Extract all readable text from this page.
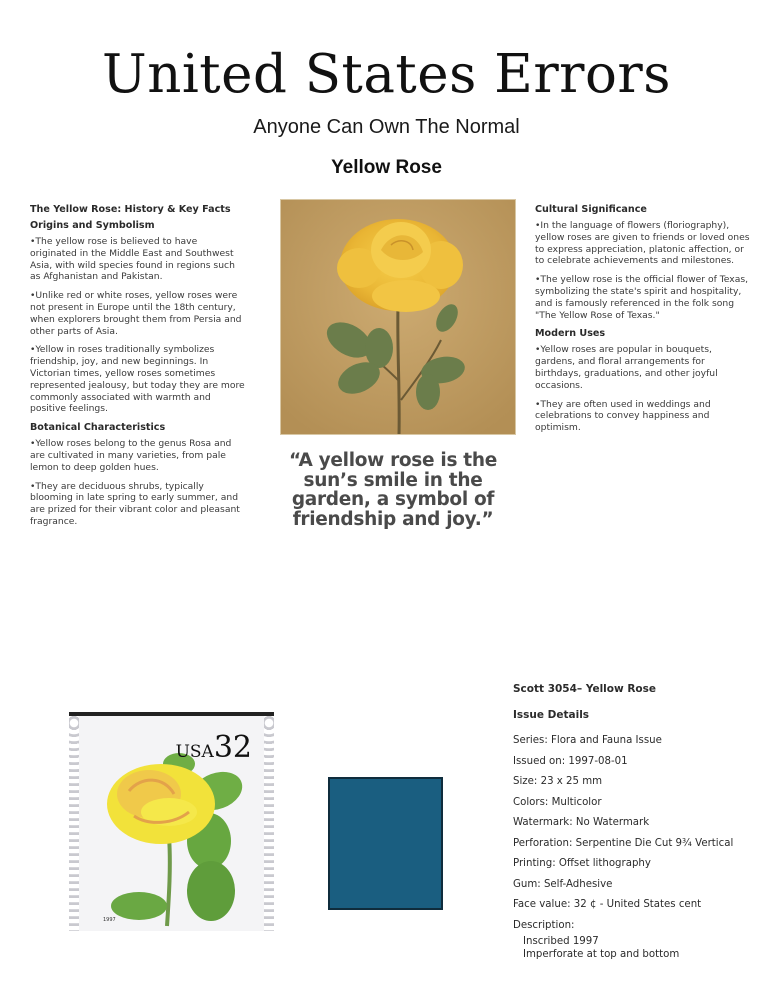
United States Errors
Anyone Can Own The Normal
Yellow Rose
The Yellow Rose: History & Key Facts
Origins and Symbolism
•The yellow rose is believed to have originated in the Middle East and Southwest Asia, with wild species found in regions such as Afghanistan and Pakistan.
•Unlike red or white roses, yellow roses were not present in Europe until the 18th century, when explorers brought them from Persia and other parts of Asia.
•Yellow in roses traditionally symbolizes friendship, joy, and new beginnings. In Victorian times, yellow roses sometimes represented jealousy, but today they are more commonly associated with warmth and positive feelings.
Botanical Characteristics
•Yellow roses belong to the genus Rosa and are cultivated in many varieties, from pale lemon to deep golden hues.
•They are deciduous shrubs, typically blooming in late spring to early summer, and are prized for their vibrant color and pleasant fragrance.
“A yellow rose is the sun’s smile in the garden, a symbol of friendship and joy.”
Cultural Significance
•In the language of flowers (floriography), yellow roses are given to friends or loved ones to express appreciation, platonic affection, or to celebrate achievements and milestones.
•The yellow rose is the official flower of Texas, symbolizing the state's spirit and hospitality, and is famously referenced in the folk song "The Yellow Rose of Texas."
Modern Uses
•Yellow roses are popular in bouquets, gardens, and floral arrangements for birthdays, graduations, and other joyful occasions.
•They are often used in weddings and celebrations to convey happiness and optimism.
USA32
1997
Scott 3054– Yellow Rose
Issue Details
Series: Flora and Fauna Issue
Issued on: 1997-08-01
Size: 23 x 25 mm
Colors: Multicolor
Watermark: No Watermark
Perforation: Serpentine Die Cut 9¾ Vertical
Printing: Offset lithography
Gum: Self-Adhesive
Face value: 32 ¢ - United States cent
Description:
Inscribed 1997
Imperforate at top and bottom
